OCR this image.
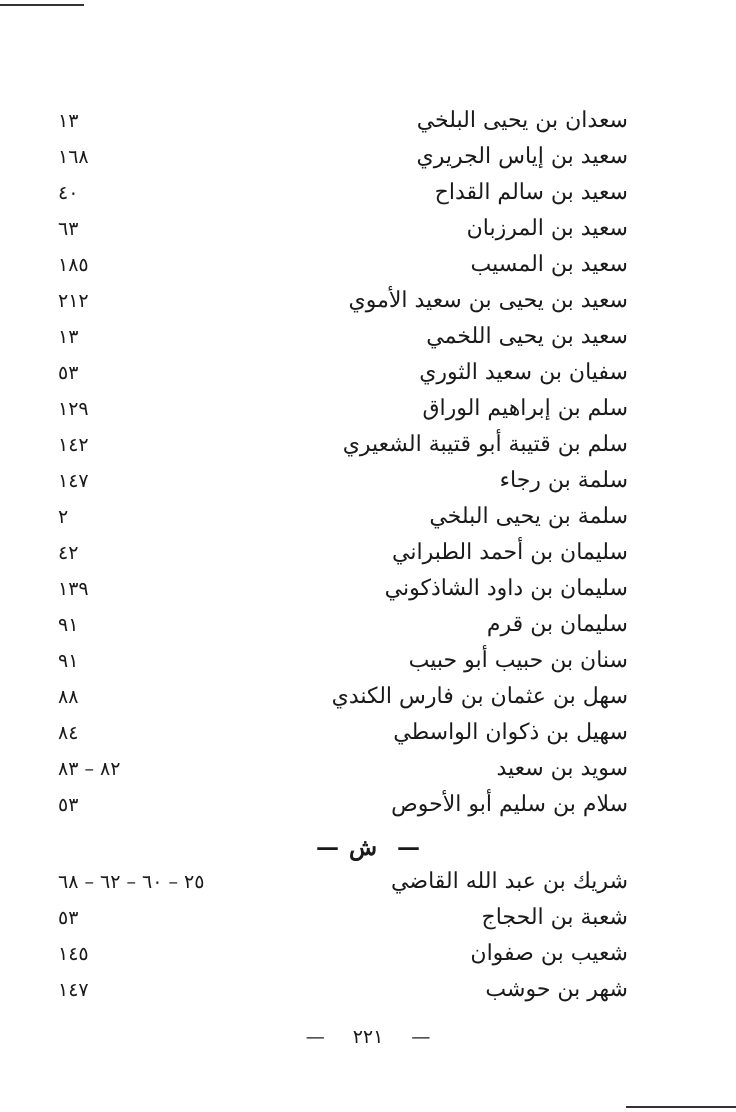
سعدان بن يحيى البلخي
١٣
سعيد بن إياس الجريري
١٦٨
سعيد بن سالم القداح
٤٠
سعيد بن المرزبان
٦٣
سعيد بن المسيب
١٨٥
سعيد بن يحيى بن سعيد الأموي
٢١٢
سعيد بن يحيى اللخمي
١٣
سفيان بن سعيد الثوري
٥٣
سلم بن إبراهيم الوراق
١٢٩
سلم بن قتيبة أبو قتيبة الشعيري
١٤٢
سلمة بن رجاء
١٤٧
سلمة بن يحيى البلخي
٢
سليمان بن أحمد الطبراني
٤٢
سليمان بن داود الشاذكوني
١٣٩
سليمان بن قرم
٩١
سنان بن حبيب أبو حبيب
٩١
سهل بن عثمان بن فارس الكندي
٨٨
سهيل بن ذكوان الواسطي
٨٤
سويد بن سعيد
٨٢ – ٨٣
سلام بن سليم أبو الأحوص
٥٣
—ش—
شريك بن عبد الله القاضي
٢٥ – ٦٠ – ٦٢ – ٦٨
شعبة بن الحجاج
٥٣
شعيب بن صفوان
١٤٥
شهر بن حوشب
١٤٧
—٢٢١—
